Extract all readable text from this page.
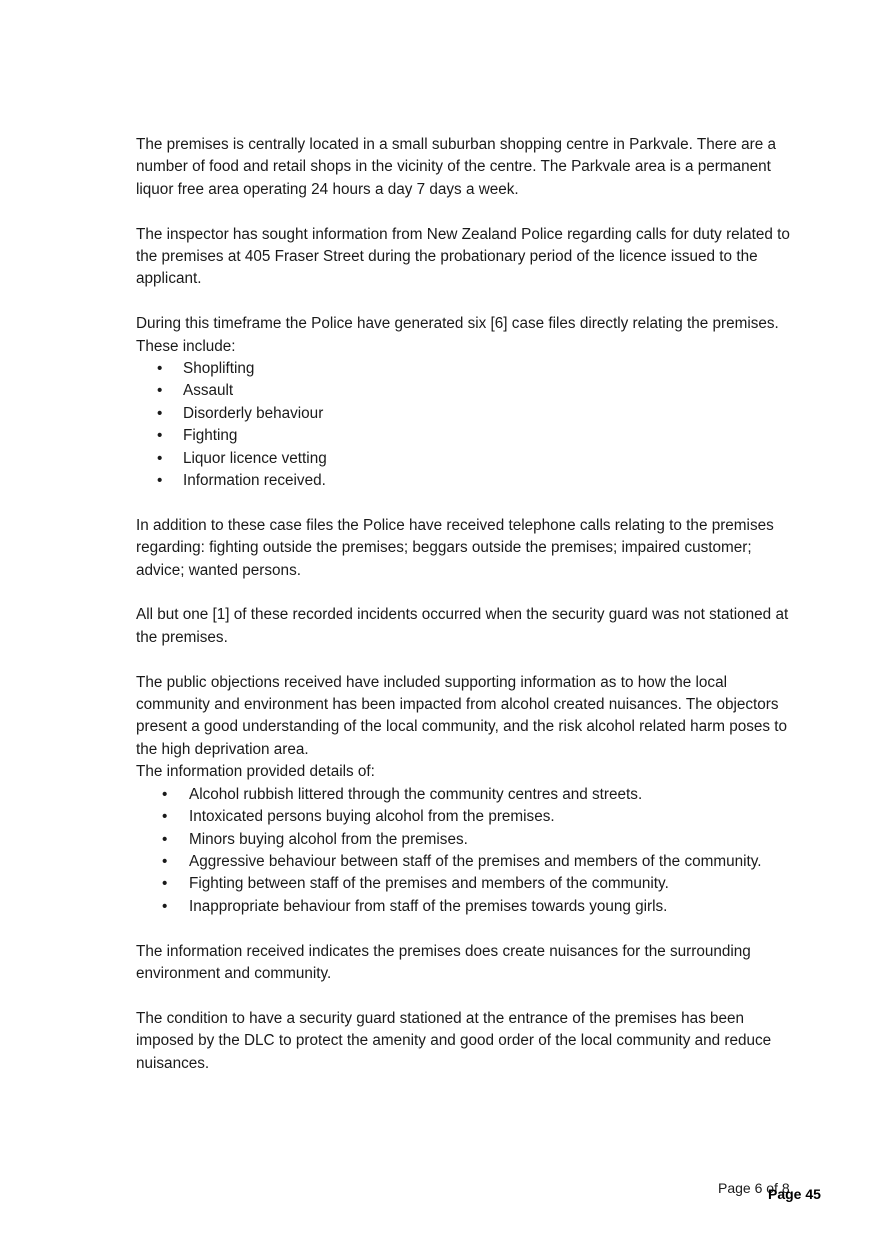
The premises is centrally located in a small suburban shopping centre in Parkvale. There are a number of food and retail shops in the vicinity of the centre. The Parkvale area is a permanent liquor free area operating 24 hours a day 7 days a week.

The inspector has sought information from New Zealand Police regarding calls for duty related to the premises at 405 Fraser Street during the probationary period of the licence issued to the applicant.

During this timeframe the Police have generated six [6] case files directly relating the premises. These include:

• Shoplifting
• Assault
• Disorderly behaviour
• Fighting
• Liquor licence vetting
• Information received.

In addition to these case files the Police have received telephone calls relating to the premises regarding: fighting outside the premises; beggars outside the premises; impaired customer; advice; wanted persons.

All but one [1] of these recorded incidents occurred when the security guard was not stationed at the premises.

The public objections received have included supporting information as to how the local community and environment has been impacted from alcohol created nuisances. The objectors present a good understanding of the local community, and the risk alcohol related harm poses to the high deprivation area.

The information provided details of:

• Alcohol rubbish littered through the community centres and streets.
• Intoxicated persons buying alcohol from the premises.
• Minors buying alcohol from the premises.
• Aggressive behaviour between staff of the premises and members of the community.
• Fighting between staff of the premises and members of the community.
• Inappropriate behaviour from staff of the premises towards young girls.

The information received indicates the premises does create nuisances for the surrounding environment and community.

The condition to have a security guard stationed at the entrance of the premises has been imposed by the DLC to protect the amenity and good order of the local community and reduce nuisances.

Page 6 of 8
Page 45
